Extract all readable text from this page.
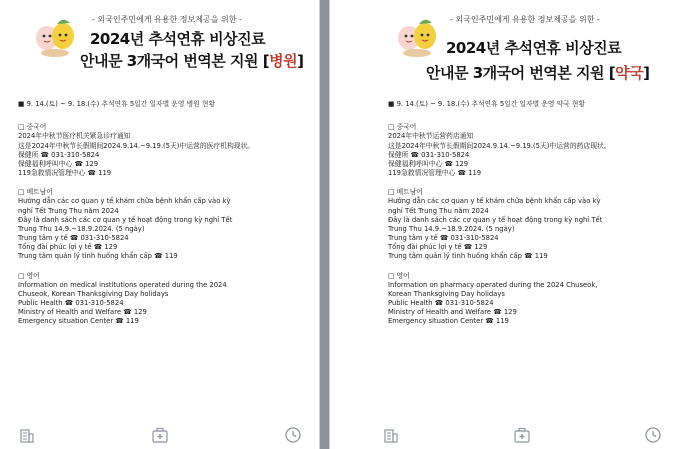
- 외국인주민에게 유용한 정보제공을 위한 -
2024년 추석연휴 비상진료
안내문 3개국어 번역본 지원 [병원]

■ 9. 14.(토) ~ 9. 18.(수) 추석연휴 5일간 일자별 운영 병원 현황

□ 중국어

2024年中秋节医疗机关紧急诊疗通知

这是2024年中秋节长假期间2024.9.14.~9.19.(5天)中运营的医疗机构现状。

保健所 ☎ 031-310-5824

保健福利呼叫中心 ☎ 129

119急救情况管理中心 ☎ 119

□ 베트남어

Hướng dẫn các cơ quan y tế khám chữa bệnh khẩn cấp vào kỳ

nghỉ Tết Trung Thu năm 2024

Đây là danh sách các cơ quan y tế hoạt động trong kỳ nghỉ Tết

Trung Thu 14.9.~18.9.2024. (5 ngày)

Trung tâm y tế ☎ 031-310-5824

Tổng đài phúc lợi y tế ☎ 129

Trung tâm quản lý tình huống khẩn cấp ☎ 119

□ 영어

Information on medical institutions operated during the 2024

Chuseok, Korean Thanksgiving Day holidays

Public Health ☎ 031-310-5824

Ministry of Health and Welfare ☎ 129

Emergency situation Center ☎ 119

- 외국인주민에게 유용한 정보제공을 위한 -
2024년 추석연휴 비상진료
안내문 3개국어 번역본 지원 [약국]

■ 9. 14.(토) ~ 9. 18.(수) 추석연휴 5일간 일자별 운영 약국 현황

□ 중국어

2024年中秋节运营药店通知

这是2024年中秋节长假期间2024.9.14.~9.19.(5天)中运营的药店现状。

保健所 ☎ 031-310-5824

保健福利呼叫中心 ☎ 129

119急救情况管理中心 ☎ 119

□ 베트남어

Hướng dẫn các cơ quan y tế khám chữa bệnh khẩn cấp vào kỳ

nghỉ Tết Trung Thu năm 2024

Đây là danh sách các cơ quan y tế hoạt động trong kỳ nghỉ Tết

Trung Thu 14.9.~18.9.2024. (5 ngày)

Trung tâm y tế ☎ 031-310-5824

Tổng đài phúc lợi y tế ☎ 129

Trung tâm quản lý tình huống khẩn cấp ☎ 119

□ 영어

Information on pharmacy operated during the 2024 Chuseok,

Korean Thanksgiving Day holidays

Public Health ☎ 031-310-5824

Ministry of Health and Welfare ☎ 129

Emergency situation Center ☎ 119
